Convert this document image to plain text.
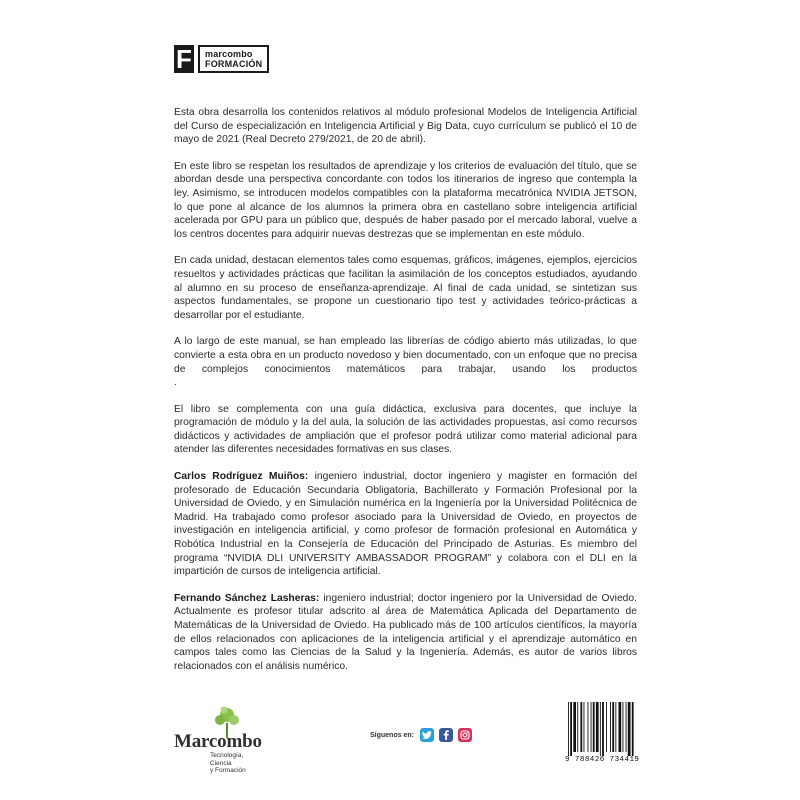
F marcombo
FORMACIÓN

Esta obra desarrolla los contenidos relativos al módulo profesional Modelos de Inteligencia Artificial del Curso de especialización en Inteligencia Artificial y Big Data, cuyo currículum se publicó el 10 de mayo de 2021 (Real Decreto 279/2021, de 20 de abril).

En este libro se respetan los resultados de aprendizaje y los criterios de evaluación del título, que se abordan desde una perspectiva concordante con todos los itinerarios de ingreso que contempla la ley. Asimismo, se introducen modelos compatibles con la plataforma mecatrónica NVIDIA JETSON, lo que pone al alcance de los alumnos la primera obra en castellano sobre inteligencia artificial acelerada por GPU para un público que, después de haber pasado por el mercado laboral, vuelve a los centros docentes para adquirir nuevas destrezas que se implementan en este módulo.

En cada unidad, destacan elementos tales como esquemas, gráficos, imágenes, ejemplos, ejercicios resueltos y actividades prácticas que facilitan la asimilación de los conceptos estudiados, ayudando al alumno en su proceso de enseñanza-aprendizaje. Al final de cada unidad, se sintetizan sus aspectos fundamentales, se propone un cuestionario tipo test y actividades teórico-prácticas a desarrollar por el estudiante.

A lo largo de este manual, se han empleado las librerías de código abierto más utilizadas, lo que convierte a esta obra en un producto novedoso y bien documentado, con un enfoque que no precisa de complejos conocimientos matemáticos para trabajar, usando los productos                                                    .

El libro se complementa con una guía didáctica, exclusiva para docentes, que incluye la programación de módulo y la del aula, la solución de las actividades propuestas, así como recursos didácticos y actividades de ampliación que el profesor podrá utilizar como material adicional para atender las diferentes necesidades formativas en sus clases.

Carlos Rodríguez Muiños: ingeniero industrial, doctor ingeniero y magister en formación del profesorado de Educación Secundaria Obligatoria, Bachillerato y Formación Profesional por la Universidad de Oviedo, y en Simulación numérica en la Ingeniería por la Universidad Politécnica de Madrid. Ha trabajado como profesor asociado para la Universidad de Oviedo, en proyectos de investigación en inteligencia artificial, y como profesor de formación profesional en Automática y Robótica Industrial en la Consejería de Educación del Principado de Asturias. Es miembro del programa “NVIDIA DLI UNIVERSITY AMBASSADOR PROGRAM” y colabora con el DLI en la impartición de cursos de inteligencia artificial.

Fernando Sánchez Lasheras: ingeniero industrial; doctor ingeniero por la Universidad de Oviedo. Actualmente es profesor titular adscrito al área de Matemática Aplicada del Departamento de Matemáticas de la Universidad de Oviedo. Ha publicado más de 100 artículos científicos, la mayoría de ellos relacionados con aplicaciones de la inteligencia artificial y el aprendizaje automático en campos tales como las Ciencias de la Salud y la Ingeniería. Además, es autor de varios libros relacionados con el análisis numérico.

Marcombo
Tecnología,
Ciencia
y Formación
Síguenos en:
9 788426 734419
